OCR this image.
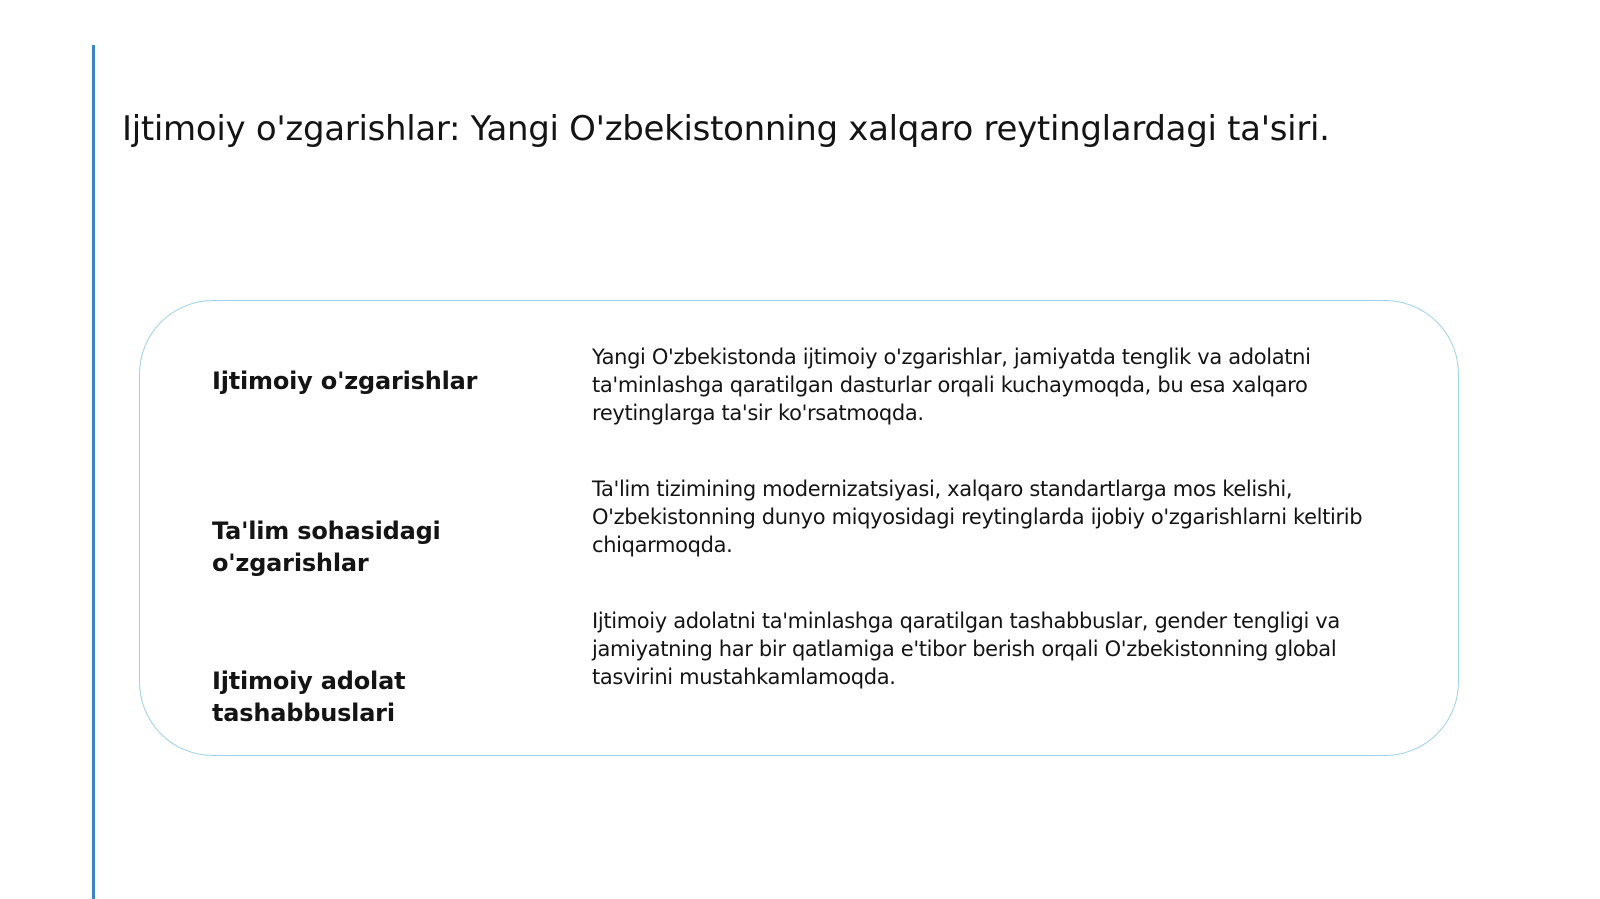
Ijtimoiy o'zgarishlar: Yangi O'zbekistonning xalqaro reytinglardagi ta'siri.

Ijtimoiy o'zgarishlar

Yangi O'zbekistonda ijtimoiy o'zgarishlar, jamiyatda tenglik va adolatni ta'minlashga qaratilgan dasturlar orqali kuchaymoqda, bu esa xalqaro reytinglarga ta'sir ko'rsatmoqda.

Ta'lim sohasidagi o'zgarishlar

Ta'lim tizimining modernizatsiyasi, xalqaro standartlarga mos kelishi, O'zbekistonning dunyo miqyosidagi reytinglarda ijobiy o'zgarishlarni keltirib chiqarmoqda.

Ijtimoiy adolat tashabbuslari

Ijtimoiy adolatni ta'minlashga qaratilgan tashabbuslar, gender tengligi va jamiyatning har bir qatlamiga e'tibor berish orqali O'zbekistonning global tasvirini mustahkamlamoqda.
